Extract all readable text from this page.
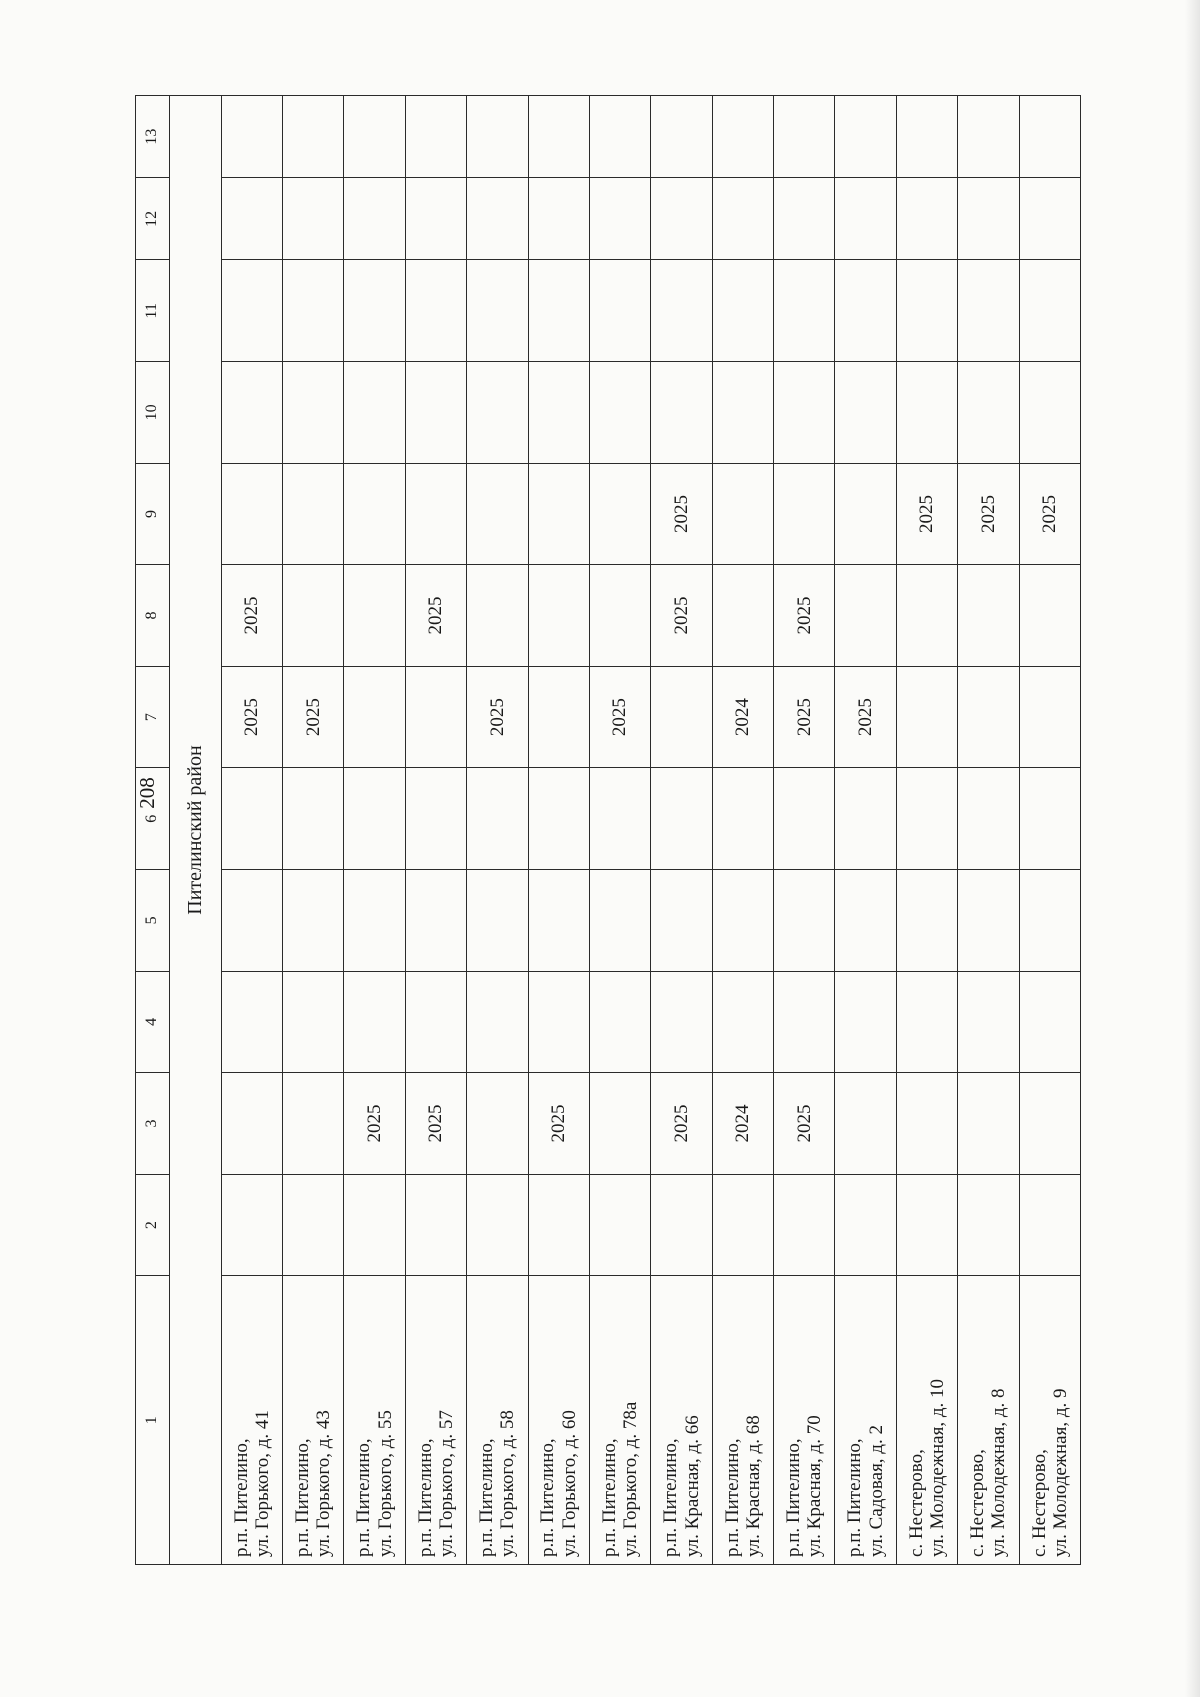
208
1	2	3	4	5	6	7	8	9	10	11	12	13
Пителинский район												

р.п. Пителино, ул. Горького, д. 41						2025	2025					

р.п. Пителино, ул. Горького, д. 43						2025						

р.п. Пителино, ул. Горького, д. 55		2025										

р.п. Пителино, ул. Горького, д. 57		2025					2025					

р.п. Пителино, ул. Горького, д. 58						2025						

р.п. Пителино, ул. Горького, д. 60		2025										

р.п. Пителино, ул. Горького, д. 78а						2025						

р.п. Пителино, ул. Красная, д. 66		2025					2025	2025				

р.п. Пителино, ул. Красная, д. 68		2024				2024						

р.п. Пителино, ул. Красная, д. 70		2025				2025	2025					

р.п. Пителино, ул. Садовая, д. 2						2025						

с. Нестерово, ул. Молодежная, д. 10								2025				

с. Нестерово, ул. Молодежная, д. 8								2025				

с. Нестерово, ул. Молодежная, д. 9								2025				
